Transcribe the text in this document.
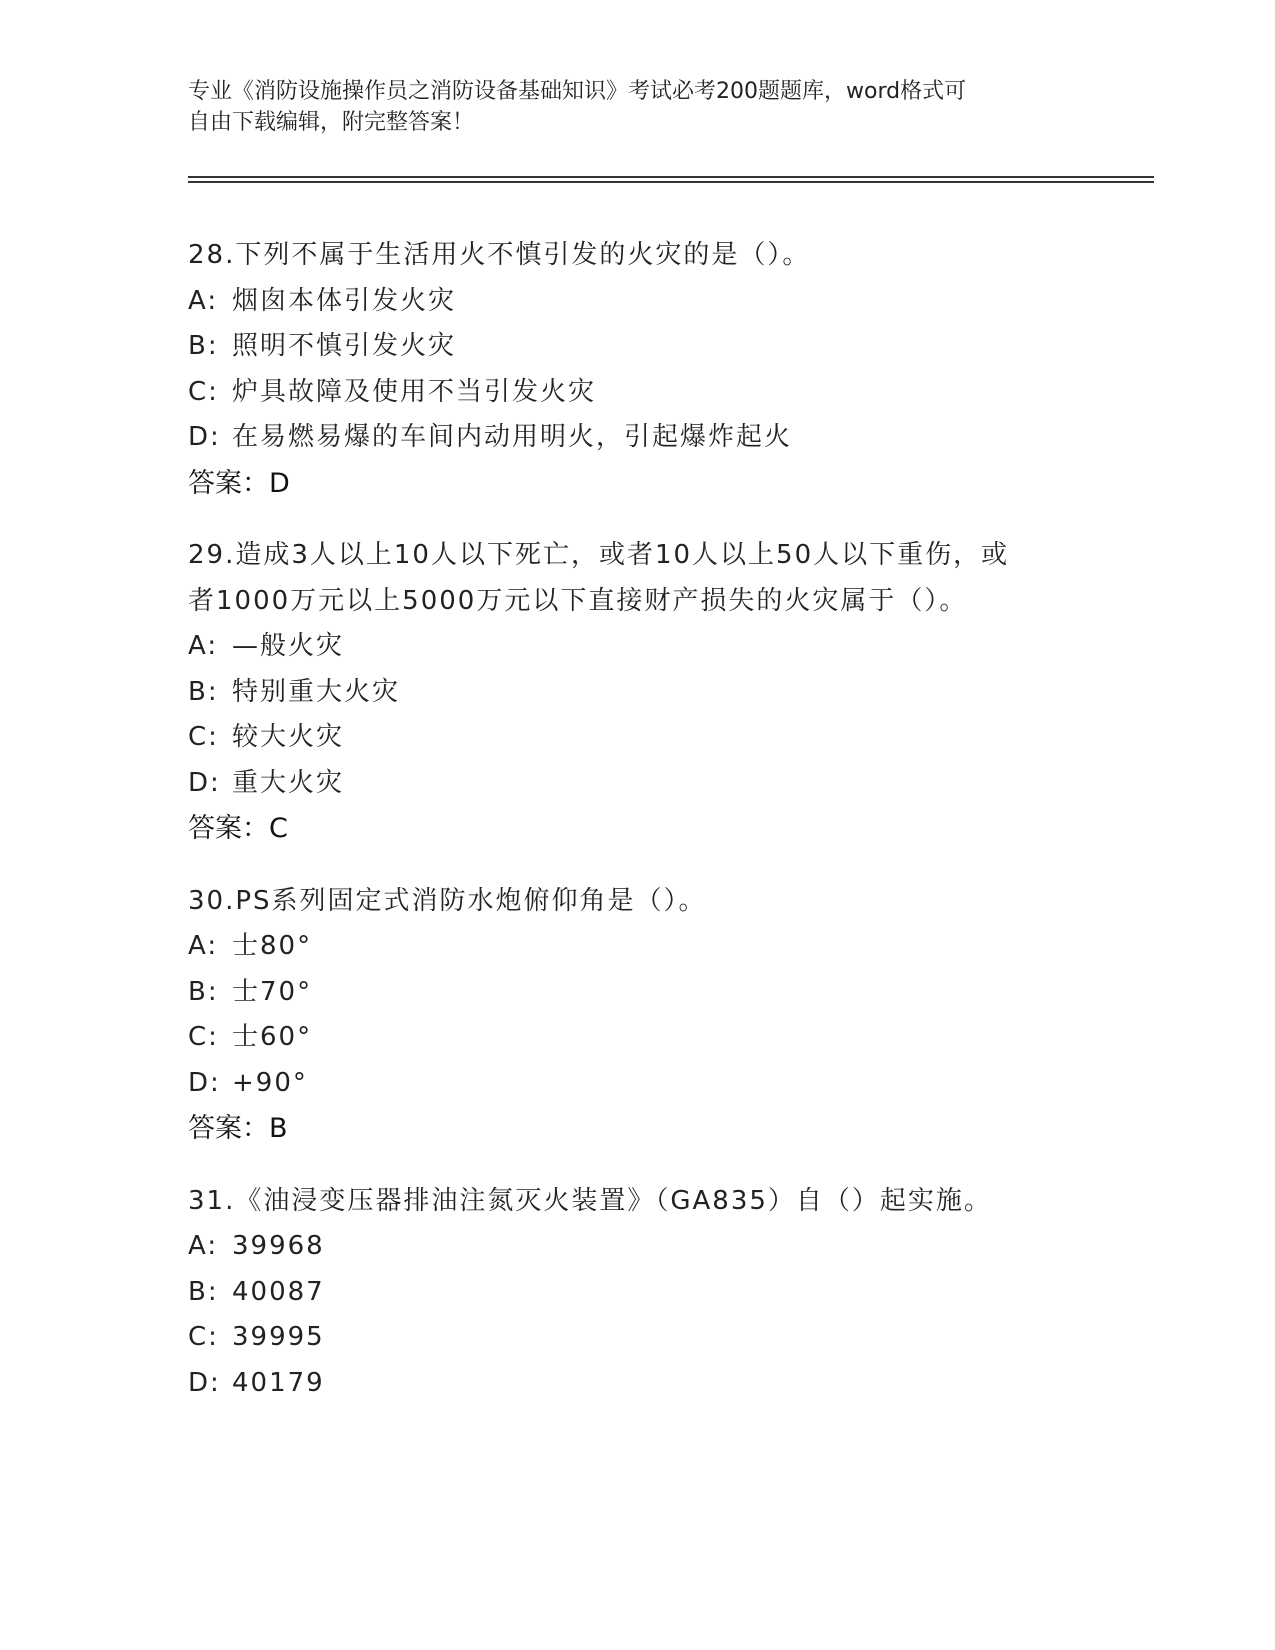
专业《消防设施操作员之消防设备基础知识》考试必考200题题库，word格式可
自由下载编辑，附完整答案！
28.下列不属于生活用火不慎引发的火灾的是（）。
A: 烟囱本体引发火灾
B: 照明不慎引发火灾
C: 炉具故障及使用不当引发火灾
D: 在易燃易爆的车间内动用明火，引起爆炸起火
答案：D
29.造成3人以上10人以下死亡，或者10人以上50人以下重伤，或
者1000万元以上5000万元以下直接财产损失的火灾属于（）。
A: —般火灾
B: 特别重大火灾
C: 较大火灾
D: 重大火灾
答案：C
30.PS系列固定式消防水炮俯仰角是（）。
A: 士80°
B: 士70°
C: 士60°
D: +90°
答案：B
31.《油浸变压器排油注氮灭火装置》（GA835）自（）起实施。
A: 39968
B: 40087
C: 39995
D: 40179
